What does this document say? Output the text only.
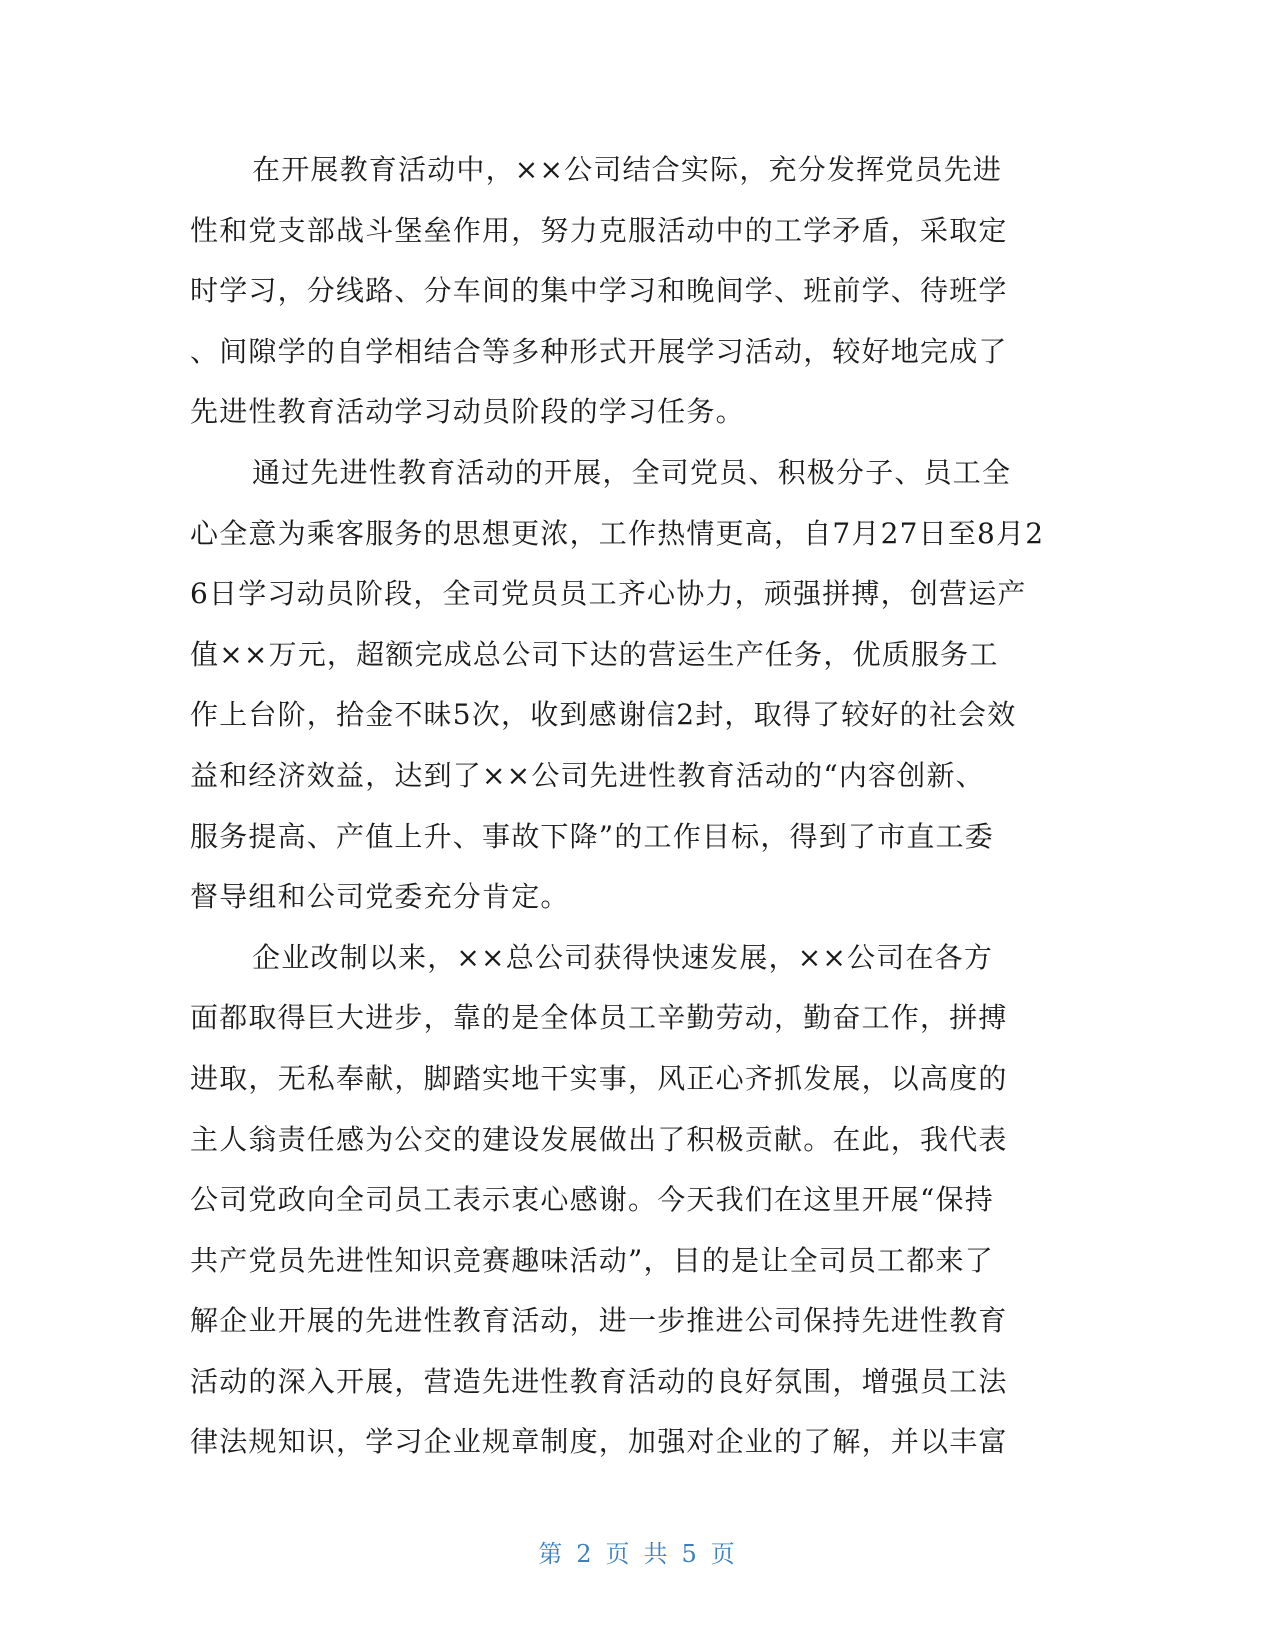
在开展教育活动中，××公司结合实际，充分发挥党员先进
性和党支部战斗堡垒作用，努力克服活动中的工学矛盾，采取定
时学习，分线路、分车间的集中学习和晚间学、班前学、待班学
、间隙学的自学相结合等多种形式开展学习活动，较好地完成了
先进性教育活动学习动员阶段的学习任务。
通过先进性教育活动的开展，全司党员、积极分子、员工全
心全意为乘客服务的思想更浓，工作热情更高，自7月27日至8月2
6日学习动员阶段，全司党员员工齐心协力，顽强拼搏，创营运产
值××万元，超额完成总公司下达的营运生产任务，优质服务工
作上台阶，拾金不昧5次，收到感谢信2封，取得了较好的社会效
益和经济效益，达到了××公司先进性教育活动的“内容创新、
服务提高、产值上升、事故下降”的工作目标，得到了市直工委
督导组和公司党委充分肯定。
企业改制以来，××总公司获得快速发展，××公司在各方
面都取得巨大进步，靠的是全体员工辛勤劳动，勤奋工作，拼搏
进取，无私奉献，脚踏实地干实事，风正心齐抓发展，以高度的
主人翁责任感为公交的建设发展做出了积极贡献。在此，我代表
公司党政向全司员工表示衷心感谢。今天我们在这里开展“保持
共产党员先进性知识竞赛趣味活动”，目的是让全司员工都来了
解企业开展的先进性教育活动，进一步推进公司保持先进性教育
活动的深入开展，营造先进性教育活动的良好氛围，增强员工法
律法规知识，学习企业规章制度，加强对企业的了解，并以丰富
第 2 页 共 5 页
